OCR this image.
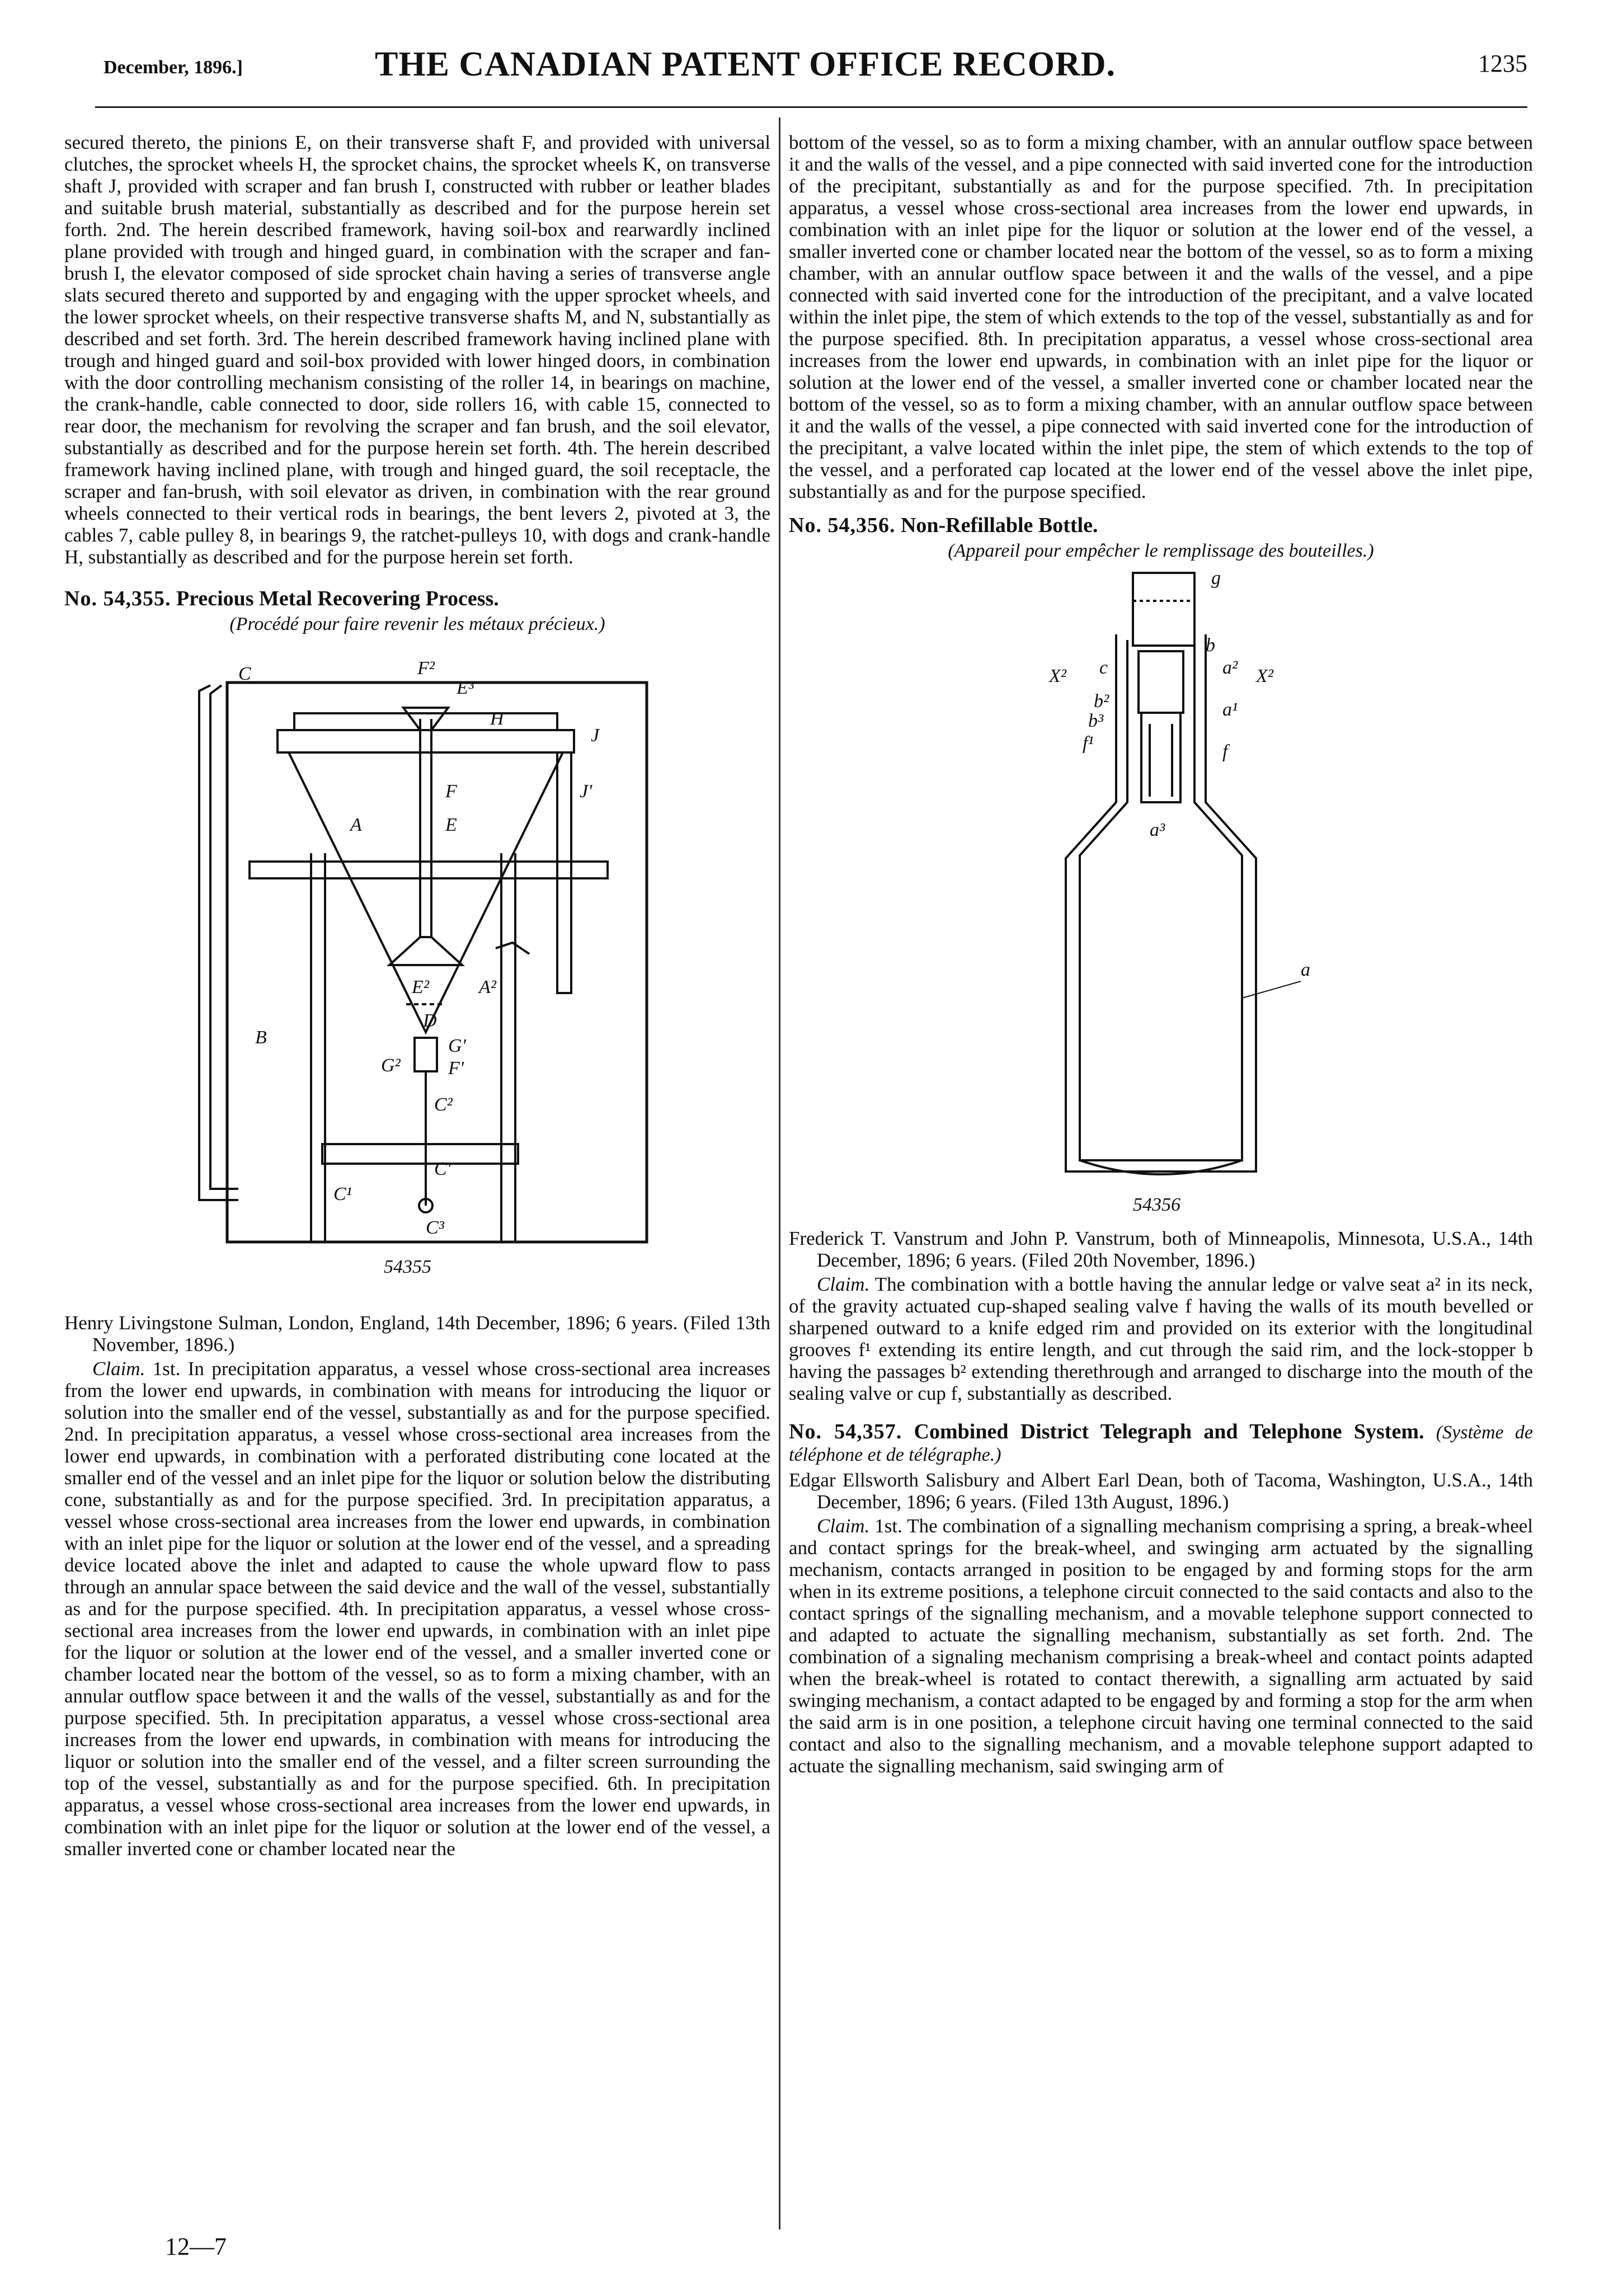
December, 1896.]	THE CANADIAN PATENT OFFICE RECORD.	1235

secured thereto, the pinions E, on their transverse shaft F, and provided with universal clutches, the sprocket wheels H, the sprocket chains, the sprocket wheels K, on transverse shaft J, provided with scraper and fan brush I, constructed with rubber or leather blades and suitable brush material, substantially as described and for the purpose herein set forth. 2nd. The herein described framework, having soil-box and rearwardly inclined plane provided with trough and hinged guard, in combination with the scraper and fan-brush I, the elevator composed of side sprocket chain having a series of transverse angle slats secured thereto and supported by and engaging with the upper sprocket wheels, and the lower sprocket wheels, on their respective transverse shafts M, and N, substantially as described and set forth. 3rd. The herein described framework having inclined plane with trough and hinged guard and soil-box provided with lower hinged doors, in combination with the door controlling mechanism consisting of the roller 14, in bearings on machine, the crank-handle, cable connected to door, side rollers 16, with cable 15, connected to rear door, the mechanism for revolving the scraper and fan brush, and the soil elevator, substantially as described and for the purpose herein set forth. 4th. The herein described framework having inclined plane, with trough and hinged guard, the soil receptacle, the scraper and fan-brush, with soil elevator as driven, in combination with the rear ground wheels connected to their vertical rods in bearings, the bent levers 2, pivoted at 3, the cables 7, cable pulley 8, in bearings 9, the ratchet-pulleys 10, with dogs and crank-handle H, substantially as described and for the purpose herein set forth.

No. 54,355. Precious Metal Recovering Process.

(Procédé pour faire revenir les métaux précieux.)

F²
E³
C
H
J
F
E
A
J'
E²	A²
B
D
G'
F'
G²
C²
C'
C¹
C³
54355

Henry Livingstone Sulman, London, England, 14th December, 1896; 6 years. (Filed 13th November, 1896.)

Claim. 1st. In precipitation apparatus, a vessel whose cross-sectional area increases from the lower end upwards, in combination with means for introducing the liquor or solution into the smaller end of the vessel, substantially as and for the purpose specified. 2nd. In precipitation apparatus, a vessel whose cross-sectional area increases from the lower end upwards, in combination with a perforated distributing cone located at the smaller end of the vessel and an inlet pipe for the liquor or solution below the distributing cone, substantially as and for the purpose specified. 3rd. In precipitation apparatus, a vessel whose cross-sectional area increases from the lower end upwards, in combination with an inlet pipe for the liquor or solution at the lower end of the vessel, and a spreading device located above the inlet and adapted to cause the whole upward flow to pass through an annular space between the said device and the wall of the vessel, substantially as and for the purpose specified. 4th. In precipitation apparatus, a vessel whose cross-sectional area increases from the lower end upwards, in combination with an inlet pipe for the liquor or solution at the lower end of the vessel, and a smaller inverted cone or chamber located near the bottom of the vessel, so as to form a mixing chamber, with an annular outflow space between it and the walls of the vessel, substantially as and for the purpose specified. 5th. In precipitation apparatus, a vessel whose cross-sectional area increases from the lower end upwards, in combination with means for introducing the liquor or solution into the smaller end of the vessel, and a filter screen surrounding the top of the vessel, substantially as and for the purpose specified. 6th. In precipitation apparatus, a vessel whose cross-sectional area increases from the lower end upwards, in combination with an inlet pipe for the liquor or solution at the lower end of the vessel, a smaller inverted cone or chamber located near the

bottom of the vessel, so as to form a mixing chamber, with an annular outflow space between it and the walls of the vessel, and a pipe connected with said inverted cone for the introduction of the precipitant, substantially as and for the purpose specified. 7th. In precipitation apparatus, a vessel whose cross-sectional area increases from the lower end upwards, in combination with an inlet pipe for the liquor or solution at the lower end of the vessel, a smaller inverted cone or chamber located near the bottom of the vessel, so as to form a mixing chamber, with an annular outflow space between it and the walls of the vessel, and a pipe connected with said inverted cone for the introduction of the precipitant, and a valve located within the inlet pipe, the stem of which extends to the top of the vessel, substantially as and for the purpose specified. 8th. In precipitation apparatus, a vessel whose cross-sectional area increases from the lower end upwards, in combination with an inlet pipe for the liquor or solution at the lower end of the vessel, a smaller inverted cone or chamber located near the bottom of the vessel, so as to form a mixing chamber, with an annular outflow space between it and the walls of the vessel, a pipe connected with said inverted cone for the introduction of the precipitant, a valve located within the inlet pipe, the stem of which extends to the top of the vessel, and a perforated cap located at the lower end of the vessel above the inlet pipe, substantially as and for the purpose specified.

No. 54,356. Non-Refillable Bottle.

(Appareil pour empêcher le remplissage des bouteilles.)

g
b
c
X²	a² X²
b²
b³
a¹
f¹	f
a³
a
54356

Frederick T. Vanstrum and John P. Vanstrum, both of Minneapolis, Minnesota, U.S.A., 14th December, 1896; 6 years. (Filed 20th November, 1896.)

Claim. The combination with a bottle having the annular ledge or valve seat a² in its neck, of the gravity actuated cup-shaped sealing valve f having the walls of its mouth bevelled or sharpened outward to a knife edged rim and provided on its exterior with the longitudinal grooves f¹ extending its entire length, and cut through the said rim, and the lock-stopper b having the passages b² extending therethrough and arranged to discharge into the mouth of the sealing valve or cup f, substantially as described.

No. 54,357. Combined District Telegraph and Telephone System. (Système de téléphone et de télégraphe.)

Edgar Ellsworth Salisbury and Albert Earl Dean, both of Tacoma, Washington, U.S.A., 14th December, 1896; 6 years. (Filed 13th August, 1896.)

Claim. 1st. The combination of a signalling mechanism comprising a spring, a break-wheel and contact springs for the break-wheel, and swinging arm actuated by the signalling mechanism, contacts arranged in position to be engaged by and forming stops for the arm when in its extreme positions, a telephone circuit connected to the said contacts and also to the contact springs of the signalling mechanism, and a movable telephone support connected to and adapted to actuate the signalling mechanism, substantially as set forth. 2nd. The combination of a signaling mechanism comprising a break-wheel and contact points adapted when the break-wheel is rotated to contact therewith, a signalling arm actuated by said swinging mechanism, a contact adapted to be engaged by and forming a stop for the arm when the said arm is in one position, a telephone circuit having one terminal connected to the said contact and also to the signalling mechanism, and a movable telephone support adapted to actuate the signalling mechanism, said swinging arm of

12—7
